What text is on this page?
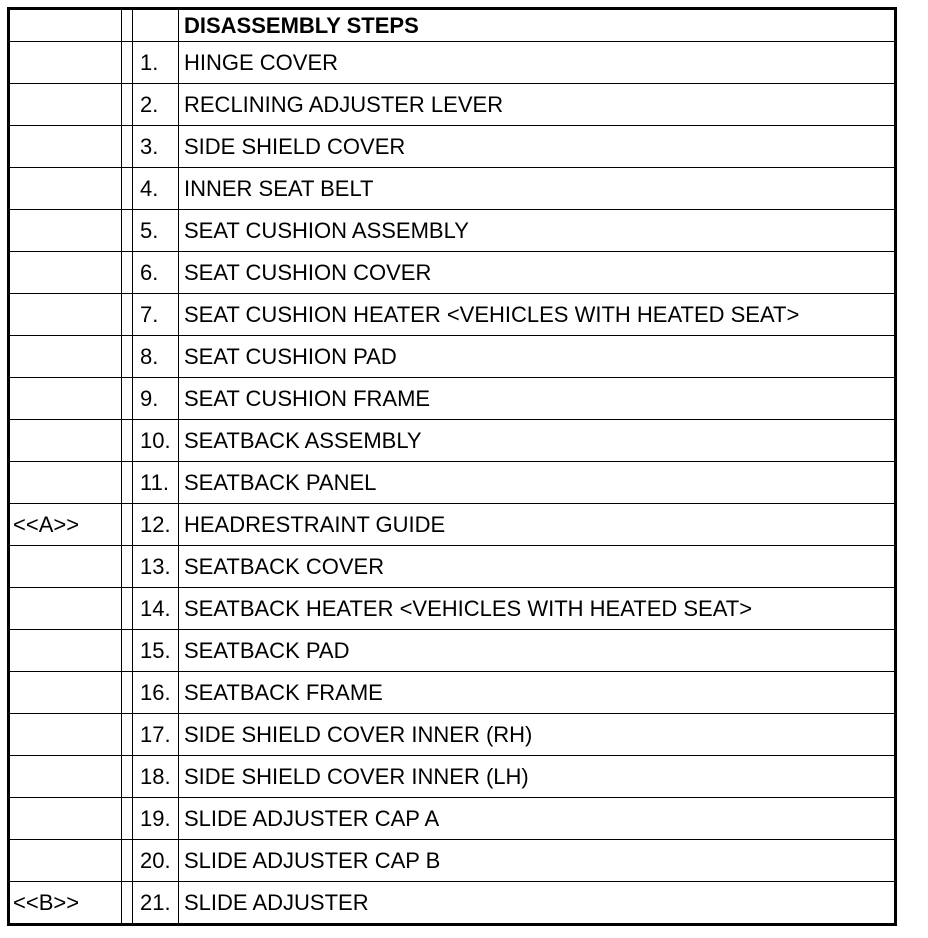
			DISASSEMBLY STEPS
		1.	HINGE COVER
		2.	RECLINING ADJUSTER LEVER
		3.	SIDE SHIELD COVER
		4.	INNER SEAT BELT
		5.	SEAT CUSHION ASSEMBLY
		6.	SEAT CUSHION COVER
		7.	SEAT CUSHION HEATER <VEHICLES WITH HEATED SEAT>
		8.	SEAT CUSHION PAD
		9.	SEAT CUSHION FRAME
		10.	SEATBACK ASSEMBLY
		11.	SEATBACK PANEL
<<A>>		12.	HEADRESTRAINT GUIDE
		13.	SEATBACK COVER
		14.	SEATBACK HEATER <VEHICLES WITH HEATED SEAT>
		15.	SEATBACK PAD
		16.	SEATBACK FRAME
		17.	SIDE SHIELD COVER INNER (RH)
		18.	SIDE SHIELD COVER INNER (LH)
		19.	SLIDE ADJUSTER CAP A
		20.	SLIDE ADJUSTER CAP B
<<B>>		21.	SLIDE ADJUSTER
